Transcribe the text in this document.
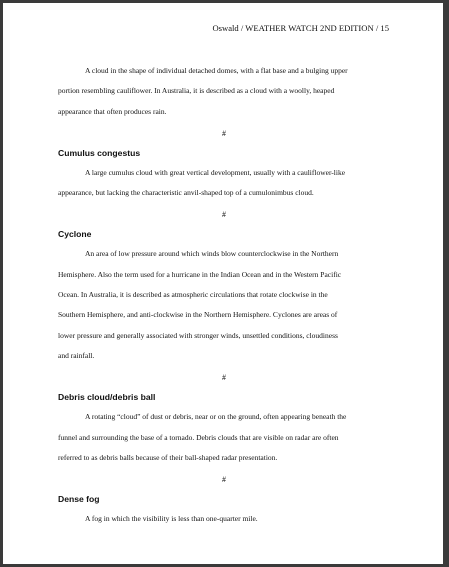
Oswald / WEATHER WATCH 2ND EDITION / 15

A cloud in the shape of individual detached domes, with a flat base and a bulging upper
portion resembling cauliflower. In Australia, it is described as a cloud with a woolly, heaped
appearance that often produces rain.

#
Cumulus congestus

A large cumulus cloud with great vertical development, usually with a cauliflower-like
appearance, but lacking the characteristic anvil-shaped top of a cumulonimbus cloud.

#
Cyclone

An area of low pressure around which winds blow counterclockwise in the Northern
Hemisphere. Also the term used for a hurricane in the Indian Ocean and in the Western Pacific
Ocean. In Australia, it is described as atmospheric circulations that rotate clockwise in the
Southern Hemisphere, and anti-clockwise in the Northern Hemisphere. Cyclones are areas of
lower pressure and generally associated with stronger winds, unsettled conditions, cloudiness
and rainfall.

#
Debris cloud/debris ball

A rotating “cloud” of dust or debris, near or on the ground, often appearing beneath the
funnel and surrounding the base of a tornado. Debris clouds that are visible on radar are often
referred to as debris balls because of their ball-shaped radar presentation.

#
Dense fog

A fog in which the visibility is less than one-quarter mile.
